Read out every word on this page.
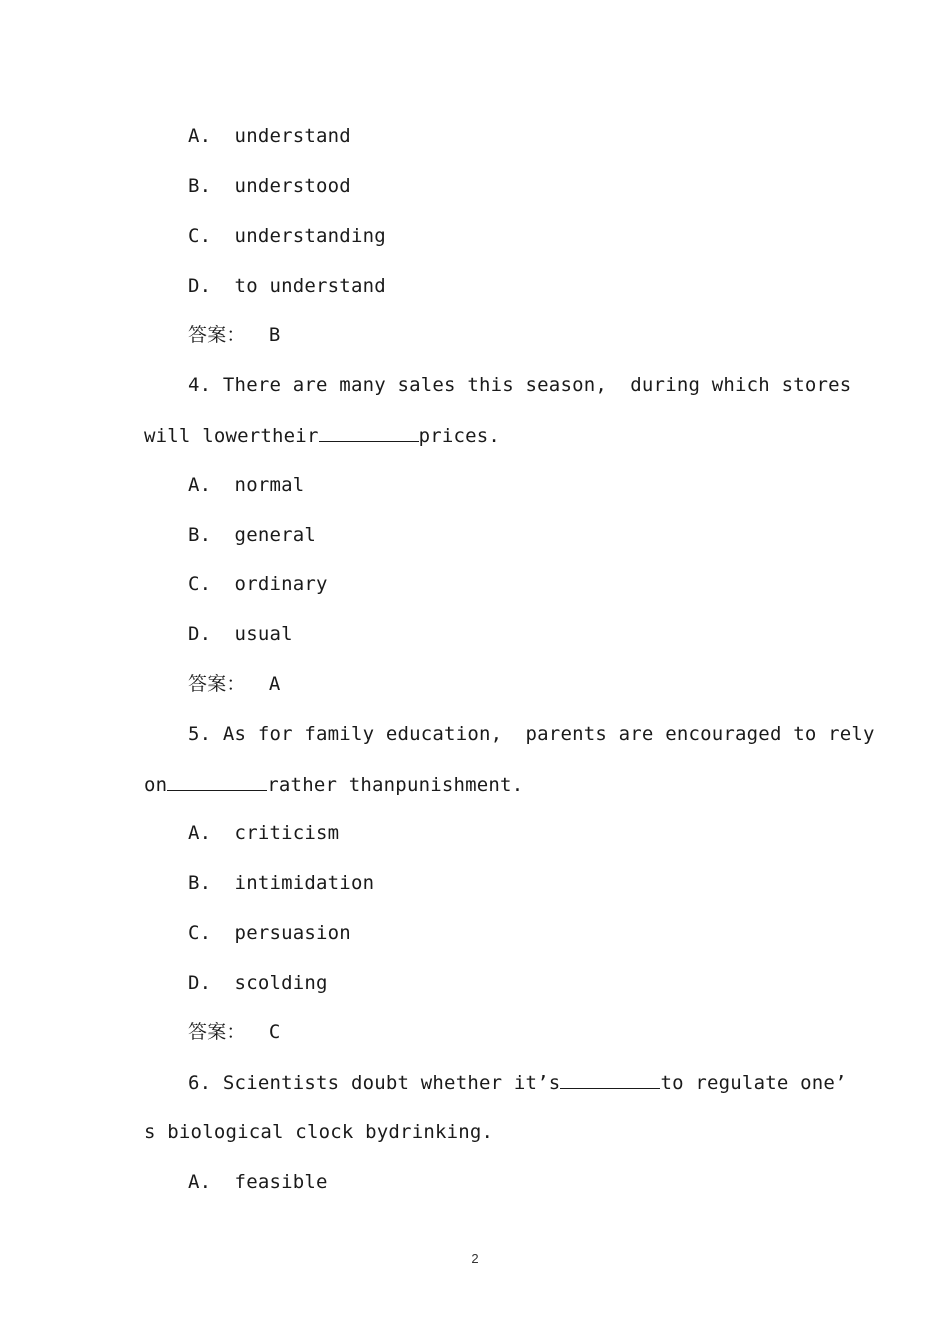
A.  understand
B.  understood
C.  understanding
D.  to understand
答案：  B
4. There are many sales this season,  during which stores
will lowertheir	prices.
A.  normal
B.  general
C.  ordinary
D.  usual
答案：  A
5. As for family education,  parents are encouraged to rely
on	rather thanpunishment.
A.  criticism
B.  intimidation
C.  persuasion
D.  scolding
答案：  C
6. Scientists doubt whether it’s	to regulate one’
s biological clock bydrinking.
A.  feasible
2
